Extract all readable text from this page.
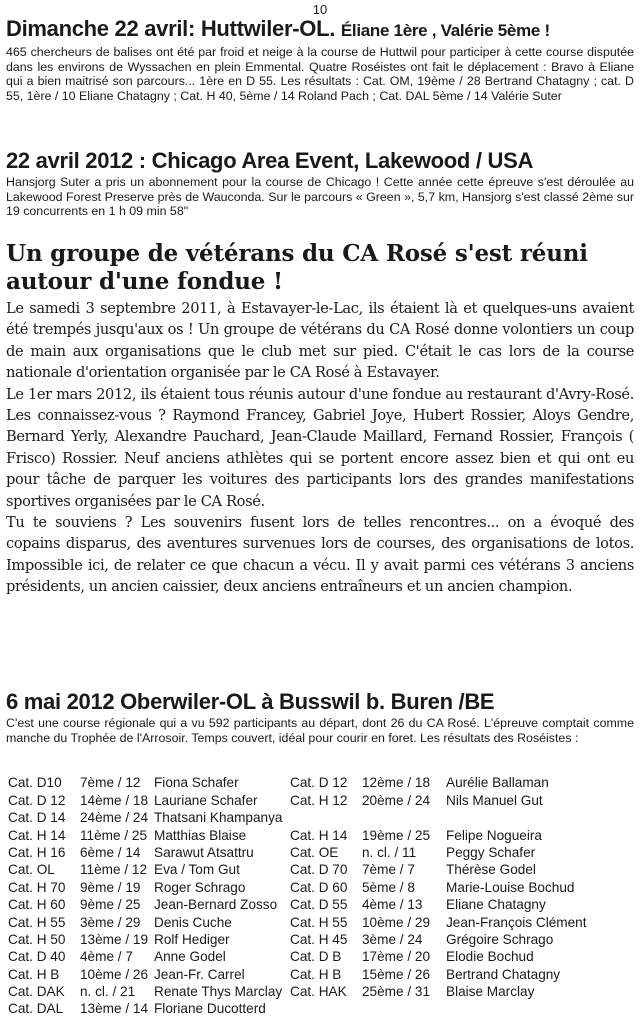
10
Dimanche 22 avril: Huttwiler-OL. Éliane 1ère , Valérie 5ème !

465 chercheurs de balises ont été par froid et neige à la course de Huttwil pour participer à cette course disputée dans les environs de Wyssachen en plein Emmental. Quatre Roséistes ont fait le déplacement : Bravo à Eliane qui a bien maitrisé son parcours... 1ère en D 55. Les résultats : Cat. OM, 19ème / 28 Bertrand Chatagny ; cat. D 55, 1ère / 10 Eliane Chatagny ; Cat. H 40, 5ème / 14 Roland Pach ; Cat. DAL 5ème / 14 Valérie Suter

22 avril 2012 : Chicago Area Event, Lakewood / USA

Hansjorg Suter a pris un abonnement pour la course de Chicago ! Cette année cette épreuve s'est déroulée au Lakewood Forest Preserve près de Wauconda. Sur le parcours « Green », 5,7 km, Hansjorg s'est classé 2ème sur 19 concurrents en 1 h 09 min 58"

Un groupe de vétérans du CA Rosé s'est réuni autour d'une fondue !
Le samedi 3 septembre 2011, à Estavayer-le-Lac, ils étaient là et quelques-uns avaient été trempés jusqu'aux os ! Un groupe de vétérans du CA Rosé donne volontiers un coup de main aux organisations que le club met sur pied. C'était le cas lors de la course nationale d'orientation organisée par le CA Rosé à Estavayer.
Le 1er mars 2012, ils étaient tous réunis autour d'une fondue au restaurant d'Avry-Rosé. Les connaissez-vous ? Raymond Francey, Gabriel Joye, Hubert Rossier, Aloys Gendre, Bernard Yerly, Alexandre Pauchard, Jean-Claude Maillard, Fernand Rossier, François ( Frisco) Rossier. Neuf anciens athlètes qui se portent encore assez bien et qui ont eu pour tâche de parquer les voitures des participants lors des grandes manifestations sportives organisées par le CA Rosé.
Tu te souviens ? Les souvenirs fusent lors de telles rencontres... on a évoqué des copains disparus, des aventures survenues lors de courses, des organisations de lotos. Impossible ici, de relater ce que chacun a vécu. Il y avait parmi ces vétérans 3 anciens présidents, un ancien caissier, deux anciens entraîneurs et un ancien champion.
6 mai 2012 Oberwiler-OL à Busswil b. Buren /BE

C'est une course régionale qui a vu 592 participants au départ, dont 26 du CA Rosé. L'épreuve comptait comme manche du Trophée de l'Arrosoir. Temps couvert, idéal pour courir en foret. Les résultats des Roséistes :

Cat. D10	7ème / 12	Fiona Schafer	Cat. D 12	12ème / 18	Aurélie Ballaman
Cat. D 12	14ème / 18	Lauriane Schafer	Cat. H 12	20ème / 24	Nils Manuel Gut
Cat. D 14	24ème / 24	Thatsani Khampanya			
Cat. H 14	11ème / 25	Matthias Blaise	Cat. H 14	19ème / 25	Felipe Nogueira
Cat. H 16	6ème / 14	Sarawut Atsattru	Cat. OE	n. cl. / 11	Peggy Schafer
Cat. OL	11ème / 12	Eva / Tom Gut	Cat. D 70	7ème / 7	Thérèse Godel
Cat. H 70	9ème / 19	Roger Schrago	Cat. D 60	5ème / 8	Marie-Louise Bochud
Cat. H 60	9ème / 25	Jean-Bernard Zosso	Cat. D 55	4ème / 13	Eliane Chatagny
Cat. H 55	3ème / 29	Denis Cuche	Cat. H 55	10ème / 29	Jean-François Clément
Cat. H 50	13ème / 19	Rolf Hediger	Cat. H 45	3ème / 24	Grégoire Schrago
Cat. D 40	4ème / 7	Anne Godel	Cat. D B	17ème / 20	Elodie Bochud
Cat. H B	10ème / 26	Jean-Fr. Carrel	Cat. H B	15ème / 26	Bertrand Chatagny
Cat. DAK	n. cl. / 21	Renate Thys Marclay	Cat. HAK	25ème / 31	Blaise Marclay
Cat. DAL	13ème / 14	Floriane Ducotterd			
